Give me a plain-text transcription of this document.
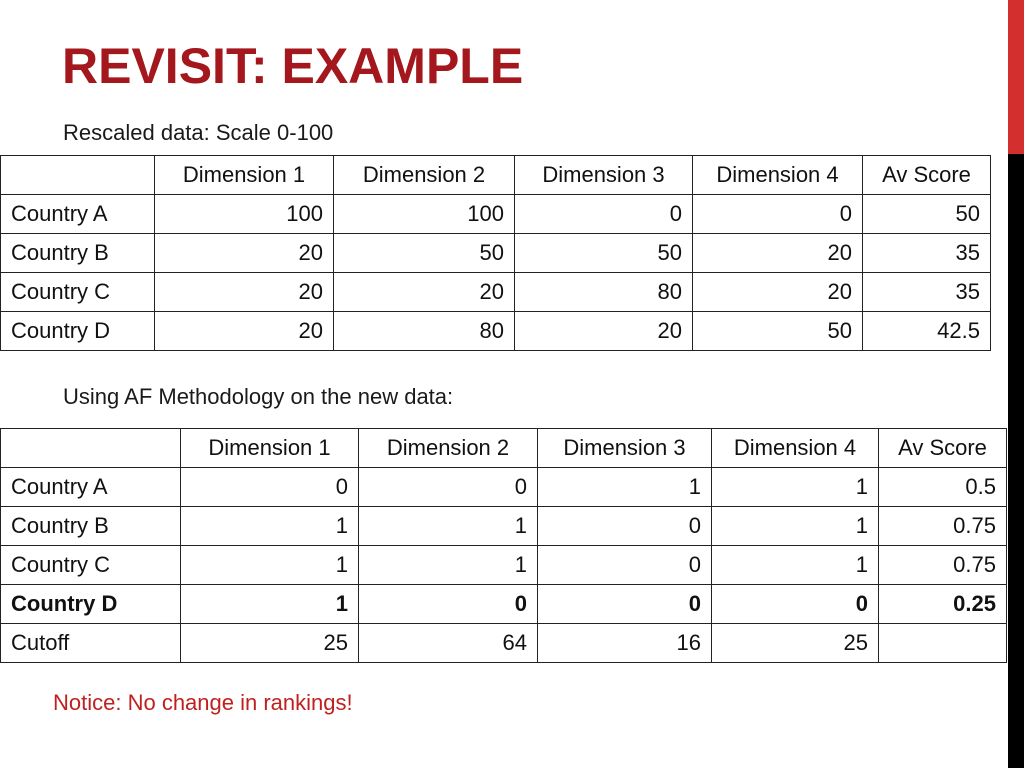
REVISIT: EXAMPLE
Rescaled data: Scale 0-100
	Dimension 1	Dimension 2	Dimension 3	Dimension 4	Av Score
Country A	100	100	0	0	50
Country B	20	50	50	20	35
Country C	20	20	80	20	35
Country D	20	80	20	50	42.5
Using AF Methodology on the new data:
	Dimension 1	Dimension 2	Dimension 3	Dimension 4	Av Score
Country A	0	0	1	1	0.5
Country B	1	1	0	1	0.75
Country C	1	1	0	1	0.75
Country D	1	0	0	0	0.25
Cutoff	25	64	16	25	
Notice: No change in rankings!
